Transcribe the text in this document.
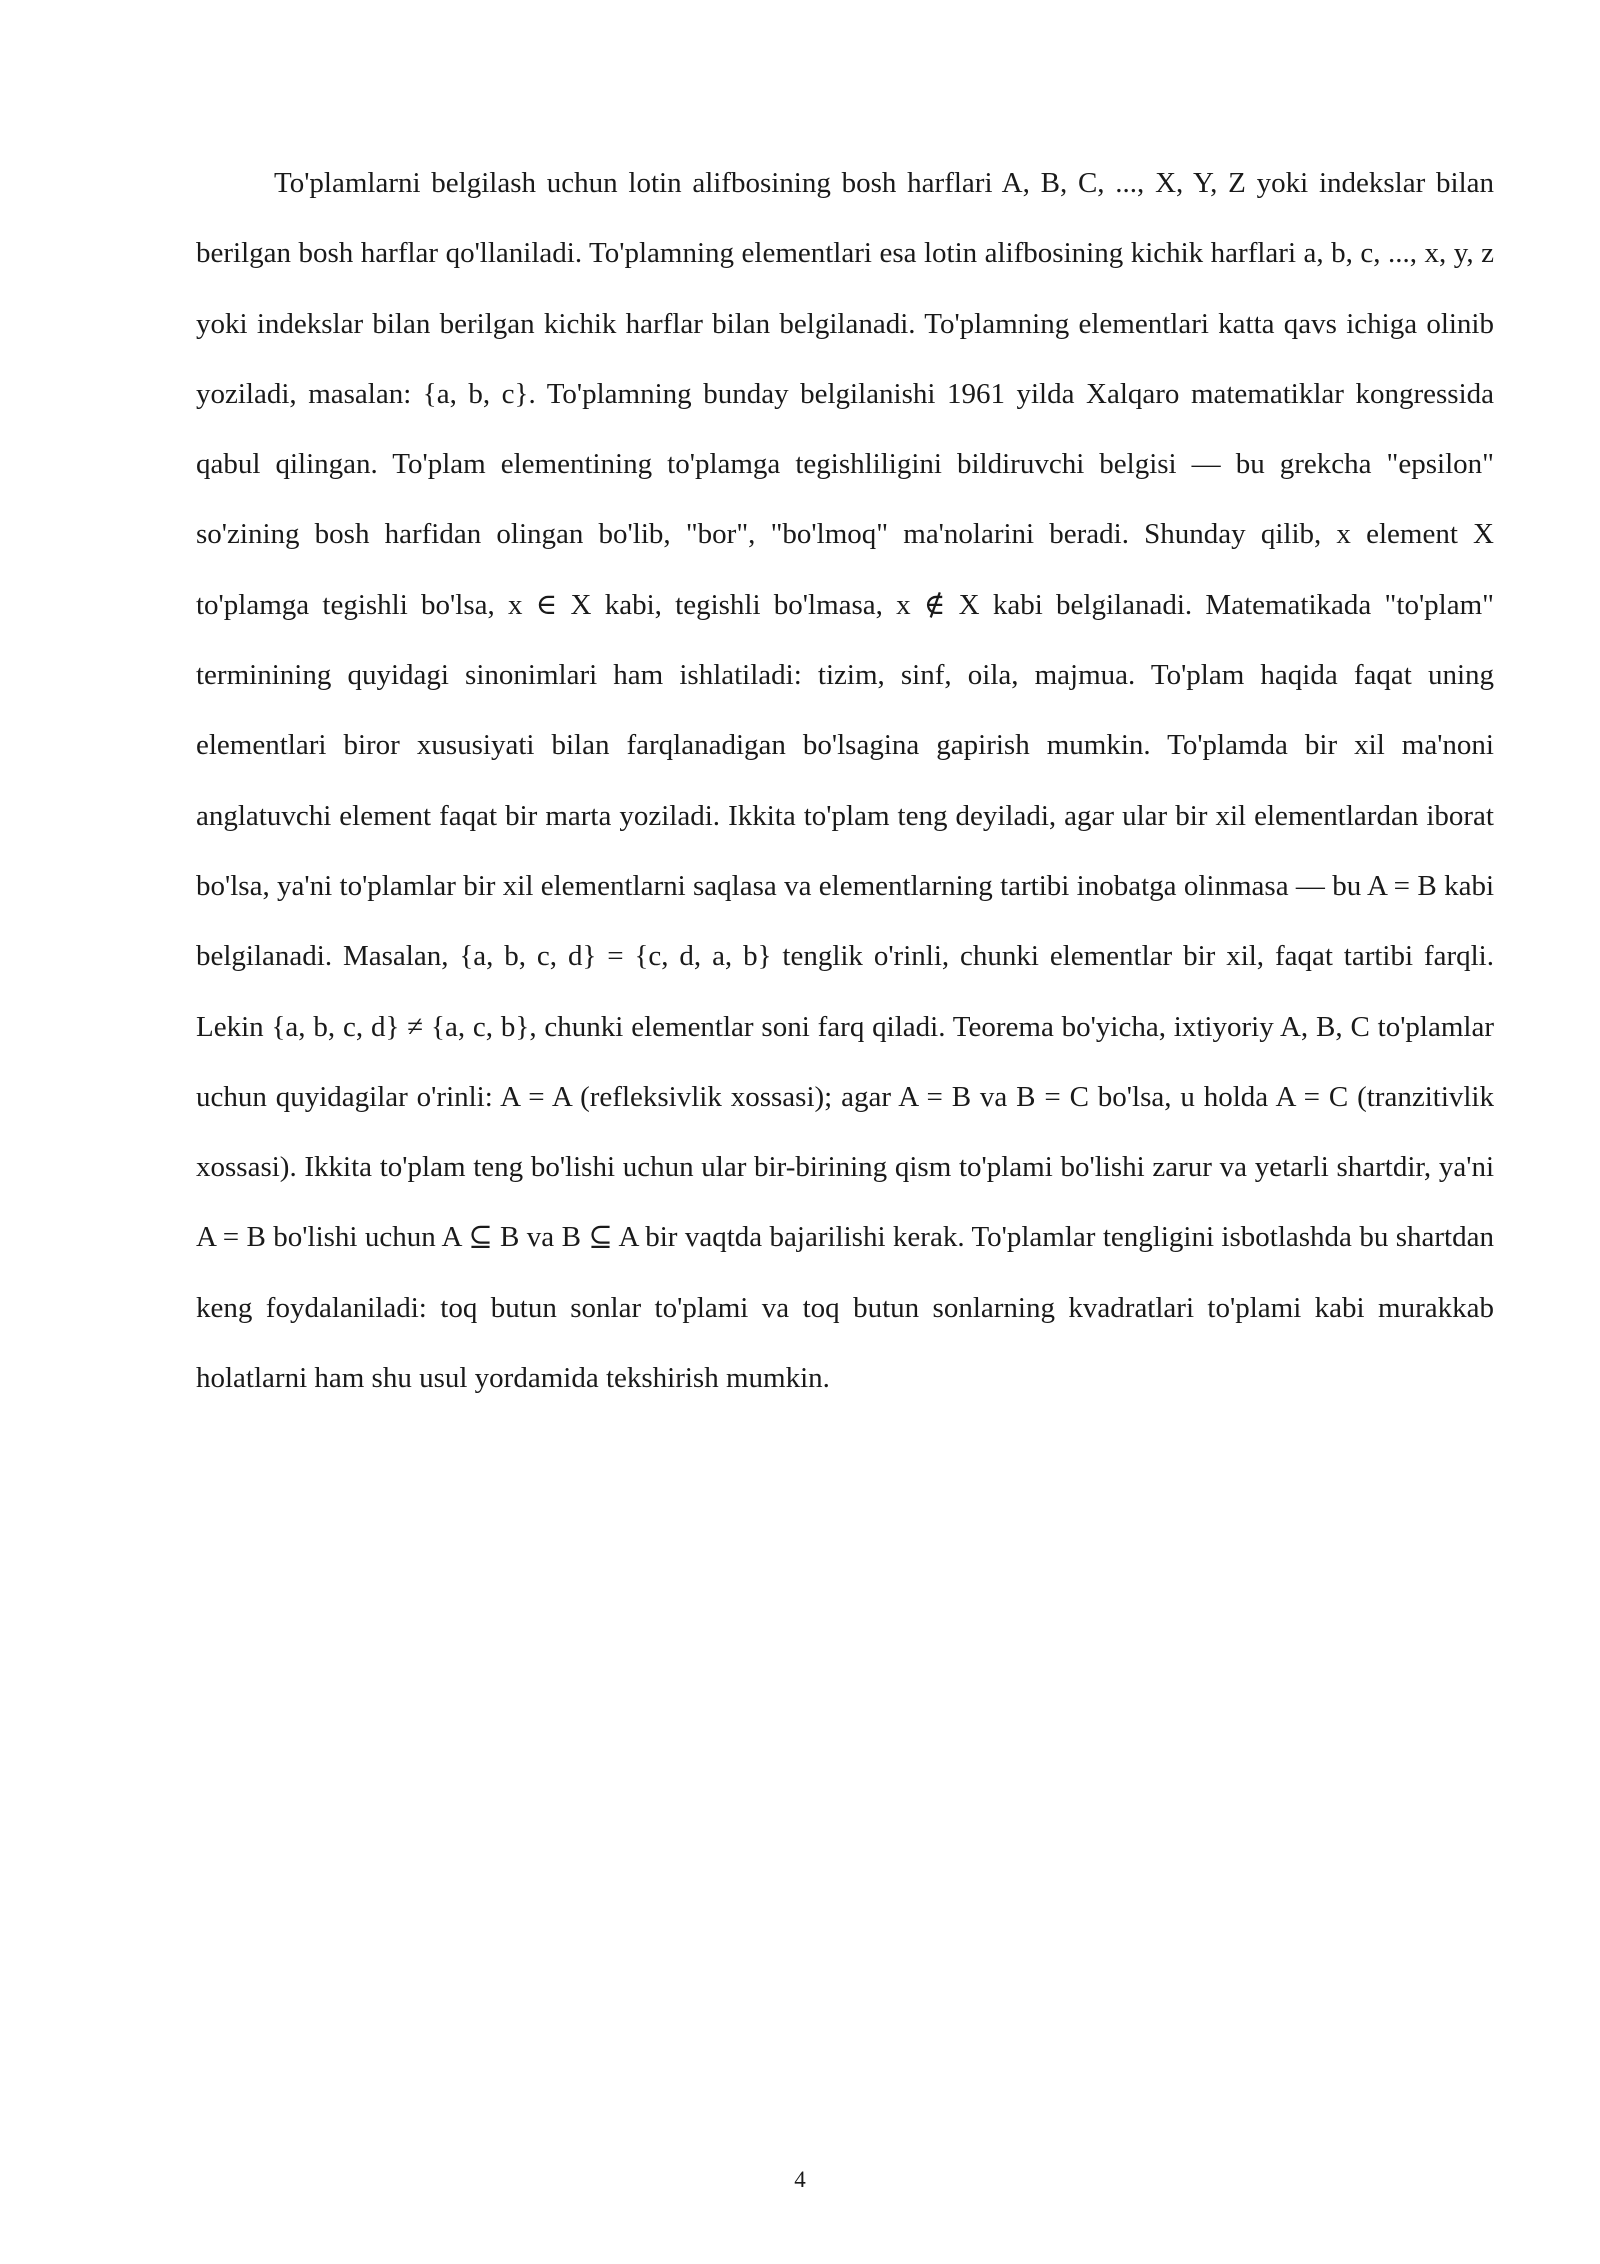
To'plamlarni belgilash uchun lotin alifbosining bosh harflari A, B, C, ..., X, Y, Z yoki indekslar bilan berilgan bosh harflar qo'llaniladi. To'plamning elementlari esa lotin alifbosining kichik harflari a, b, c, ..., x, y, z yoki indekslar bilan berilgan kichik harflar bilan belgilanadi. To'plamning elementlari katta qavs ichiga olinib yoziladi, masalan: {a, b, c}. To'plamning bunday belgilanishi 1961 yilda Xalqaro matematiklar kongressida qabul qilingan. To'plam elementining to'plamga tegishliligini bildiruvchi belgisi — bu grekcha "epsilon" so'zining bosh harfidan olingan bo'lib, "bor", "bo'lmoq" ma'nolarini beradi. Shunday qilib, x element X to'plamga tegishli bo'lsa, x ∈ X kabi, tegishli bo'lmasa, x ∉ X kabi belgilanadi. Matematikada "to'plam" terminining quyidagi sinonimlari ham ishlatiladi: tizim, sinf, oila, majmua. To'plam haqida faqat uning elementlari biror xususiyati bilan farqlanadigan bo'lsagina gapirish mumkin. To'plamda bir xil ma'noni anglatuvchi element faqat bir marta yoziladi. Ikkita to'plam teng deyiladi, agar ular bir xil elementlardan iborat bo'lsa, ya'ni to'plamlar bir xil elementlarni saqlasa va elementlarning tartibi inobatga olinmasa — bu A = B kabi belgilanadi. Masalan, {a, b, c, d} = {c, d, a, b} tenglik o'rinli, chunki elementlar bir xil, faqat tartibi farqli. Lekin {a, b, c, d} ≠ {a, c, b}, chunki elementlar soni farq qiladi. Teorema bo'yicha, ixtiyoriy A, B, C to'plamlar uchun quyidagilar o'rinli: A = A (refleksivlik xossasi); agar A = B va B = C bo'lsa, u holda A = C (tranzitivlik xossasi). Ikkita to'plam teng bo'lishi uchun ular bir-birining qism to'plami bo'lishi zarur va yetarli shartdir, ya'ni A = B bo'lishi uchun A ⊆ B va B ⊆ A bir vaqtda bajarilishi kerak. To'plamlar tengligini isbotlashda bu shartdan keng foydalaniladi: toq butun sonlar to'plami va toq butun sonlarning kvadratlari to'plami kabi murakkab holatlarni ham shu usul yordamida tekshirish mumkin.

4
